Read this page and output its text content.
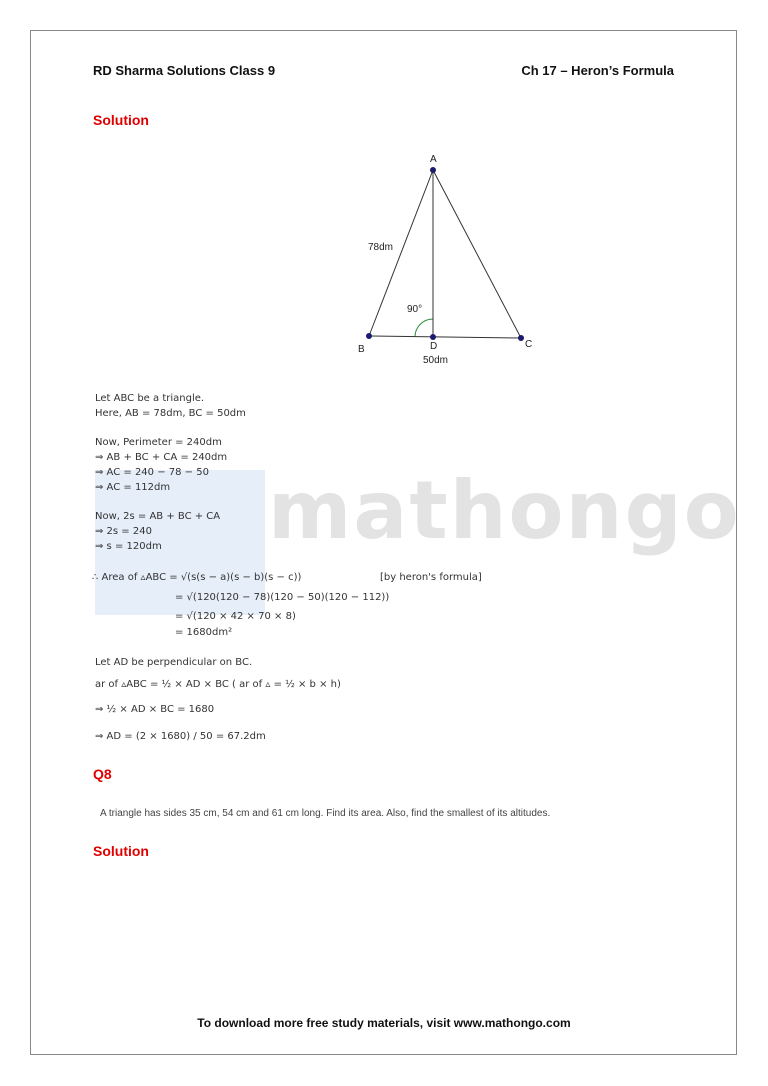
mathongo
RD Sharma Solutions Class 9	Ch 17 – Heron’s Formula
Solution
A
B	C
D
50dm
78dm
90°
Let ABC be a triangle.
Here, AB = 78dm, BC = 50dm
Now, Perimeter = 240dm
⇒ AB + BC + CA = 240dm
⇒ AC = 240 − 78 − 50
⇒ AC = 112dm
Now, 2s = AB + BC + CA
⇒ 2s = 240
⇒ s = 120dm
∴ Area of ▵ABC = √(s(s − a)(s − b)(s − c))	[by heron's formula]
= √(120(120 − 78)(120 − 50)(120 − 112))
= √(120 × 42 × 70 × 8)
= 1680dm²
Let AD be perpendicular on BC.
ar of ▵ABC = ½ × AD × BC ( ar of ▵ = ½ × b × h)
⇒ ½ × AD × BC = 1680
⇒ AD = (2 × 1680) / 50 = 67.2dm
Q8
A triangle has sides 35 cm, 54 cm and 61 cm long. Find its area. Also, find the smallest of its altitudes.
Solution
To download more free study materials, visit www.mathongo.com
